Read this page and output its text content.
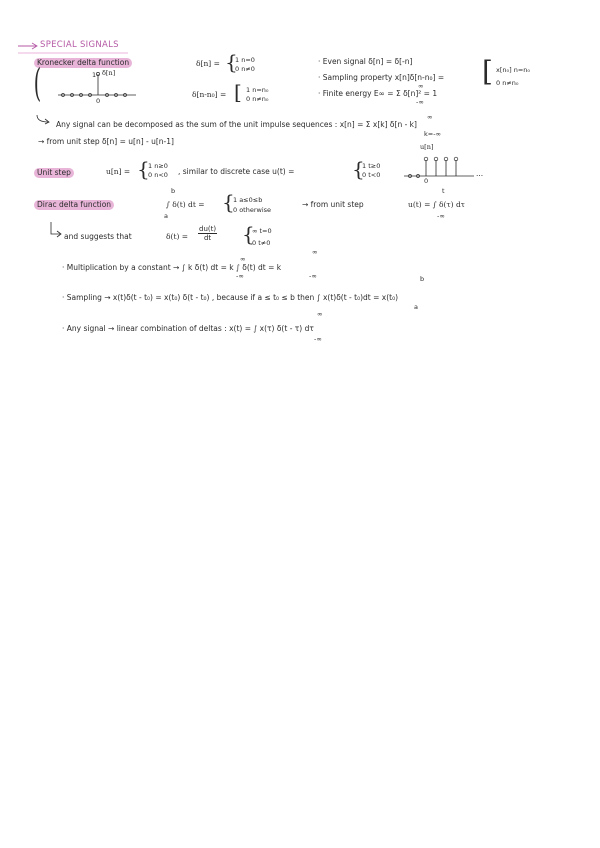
SPECIAL SIGNALS
Kronecker delta function
(	δ[n]
1
0
δ[n] = {
1 n=0
0 n≠0
δ[n-n₀] = [ 1 n=n₀
0 n≠n₀
· Even signal δ[n] = δ[-n]
· Sampling property x[n]δ[n-n₀] = [ x[n₀] n=n₀
0 n≠n₀
· Finite energy E∞ = Σ δ[n]² = 1
∞
-∞
Any signal can be decomposed as the sum of the unit impulse sequences : x[n] = Σ x[k] δ[n - k]
∞
k=-∞
→ from unit step δ[n] = u[n] - u[n-1]
Unit step	u[n] = {
1 n≥0
0 n<0 , similar to discrete case u(t) =	{
1 t≥0
0 t<0
u[n]
0
...
Dirac delta function	∫ δ(t) dt =
b
a
{
1 a≤0≤b
0 otherwise
→ from unit step	u(t) = ∫ δ(τ) dτ
t
-∞
and suggests that	$\delta(t) = \frac{du(t)}{dt}$ {
∞ t=0
0 t≠0
· Multiplication by a constant → ∫ k δ(t) dt = k ∫ δ(t) dt = k
∞
-∞
∞
-∞
· Sampling → x(t)δ(t - t₀) = x(t₀) δ(t - t₀) , because if a ≤ t₀ ≤ b then ∫ x(t)δ(t - t₀)dt = x(t₀)
b
a
· Any signal → linear combination of deltas : x(t) = ∫ x(τ) δ(t - τ) dτ
∞
-∞
